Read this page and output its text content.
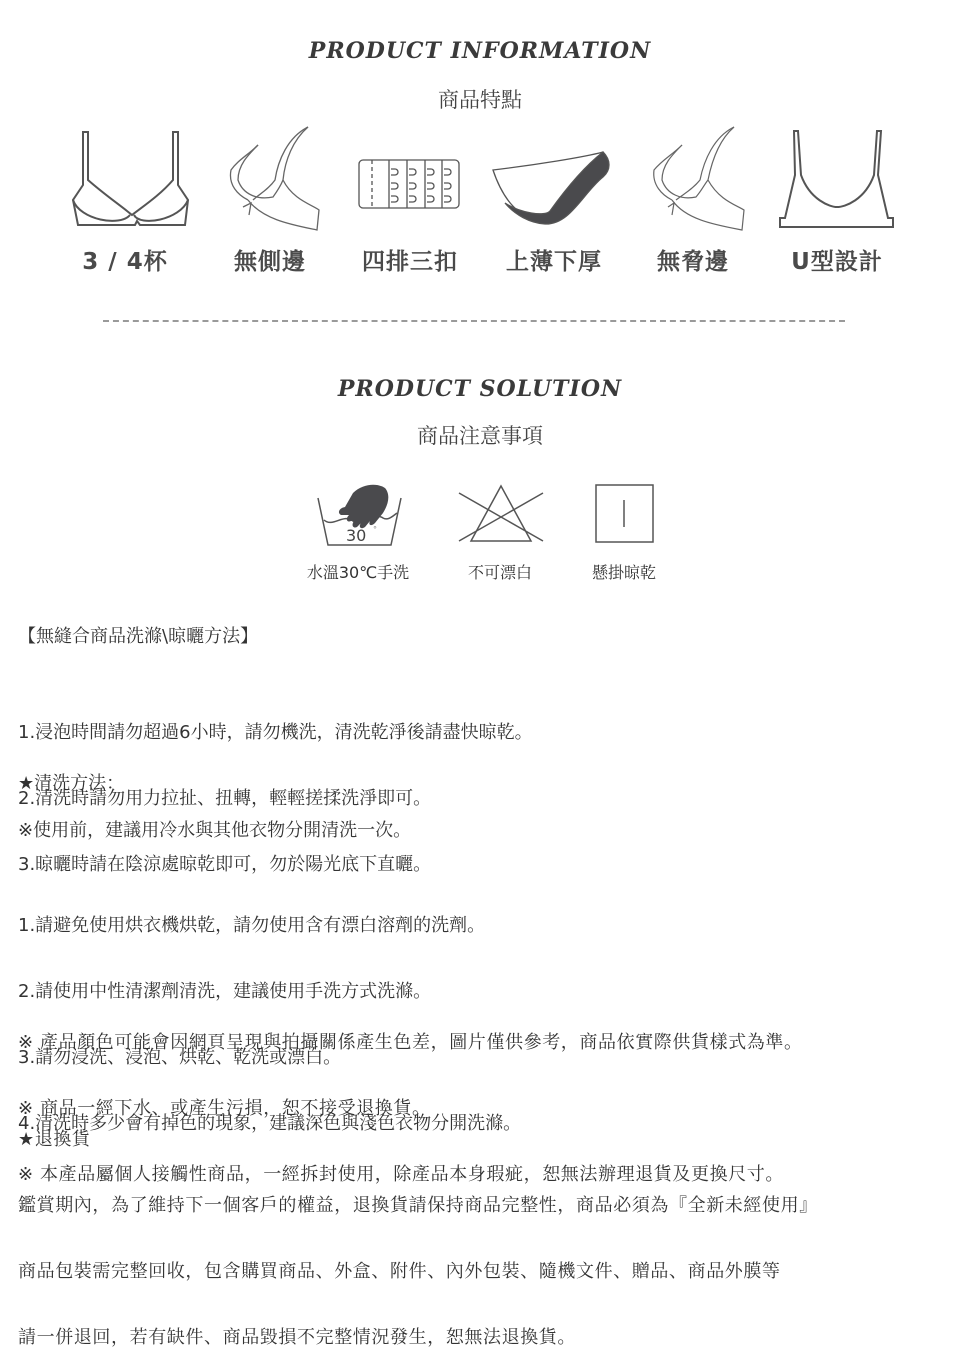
PRODUCT INFORMATION
商品特點
3 / 4杯	無側邊	四排三扣	上薄下厚	無脅邊	U型設計
PRODUCT SOLUTION
商品注意事項
30 °
水溫30℃手洗	不可漂白	懸掛晾乾
【無縫合商品洗滌\晾曬方法】

1.浸泡時間請勿超過6小時，請勿機洗，清洗乾淨後請盡快晾乾。

2.清洗時請勿用力拉扯、扭轉，輕輕搓揉洗淨即可。

3.晾曬時請在陰涼處晾乾即可，勿於陽光底下直曬。

★清洗方法：
※使用前，建議用冷水與其他衣物分開清洗一次。

1.請避免使用烘衣機烘乾，請勿使用含有漂白溶劑的洗劑。

2.請使用中性清潔劑清洗，建議使用手洗方式洗滌。

3.請勿浸洗、浸泡、烘乾、乾洗或漂白。

4.清洗時多少會有掉色的現象，建議深色與淺色衣物分開洗滌。

※ 產品顏色可能會因網頁呈現與拍攝關係產生色差，圖片僅供參考，商品依實際供貨樣式為準。

※ 商品一經下水、或產生污損，恕不接受退換貨。

※ 本產品屬個人接觸性商品，一經拆封使用，除產品本身瑕疵，恕無法辦理退貨及更換尺寸。

★退換貨

鑑賞期內，為了維持下一個客戶的權益，退換貨請保持商品完整性，商品必須為『全新未經使用』

商品包裝需完整回收，包含購買商品、外盒、附件、內外包裝、隨機文件、贈品、商品外膜等

請一併退回，若有缺件、商品毀損不完整情況發生，恕無法退換貨。
